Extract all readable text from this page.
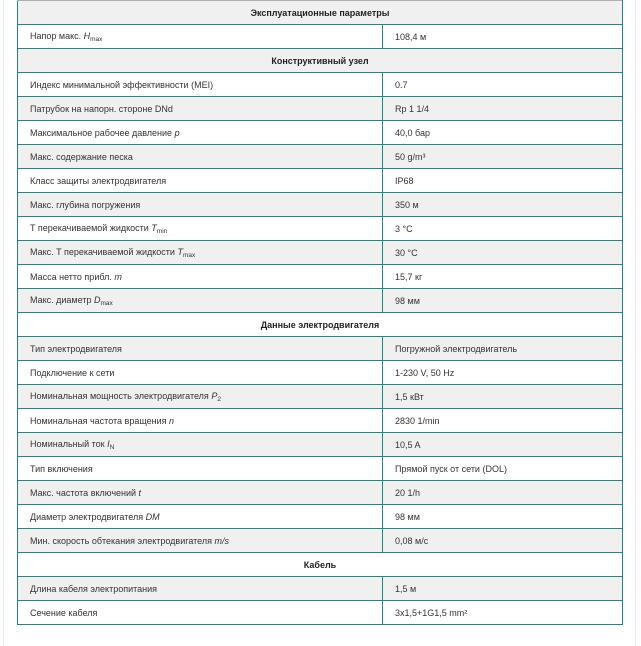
Эксплуатационные параметры	
Напор макс. $H_{max}$	108,4 м
Конструктивный узел	
Индекс минимальной эффективности (MEI)	0.7
Патрубок на напорн. стороне DNd	Rp 1 1/4
Максимальное рабочее давление p	40,0 бар
Макс. содержание песка	50 g/m³
Класс защиты электродвигателя	IP68
Макс. глубина погружения	350 м
T перекачиваемой жидкости $T_{min}$	3 °C
Макс. T перекачиваемой жидкости $T_{max}$	30 °C
Масса нетто прибл. m	15,7 кг
Макс. диаметр $D_{max}$	98 мм
Данные электродвигателя	
Тип электродвигателя	Погружной электродвигатель
Подключение к сети	1-230 V, 50 Hz
Номинальная мощность электродвигателя $P_2$	1,5 кВт
Номинальная частота вращения n	2830 1/min
Номинальный ток $I_N$	10,5 A
Тип включения	Прямой пуск от сети (DOL)
Макс. частота включений t	20 1/h
Диаметр электродвигателя DM	98 мм
Мин. скорость обтекания электродвигателя m/s	0,08 м/с
Кабель	
Длина кабеля электропитания	1,5 м
Сечение кабеля	3x1,5+1G1,5 mm²
